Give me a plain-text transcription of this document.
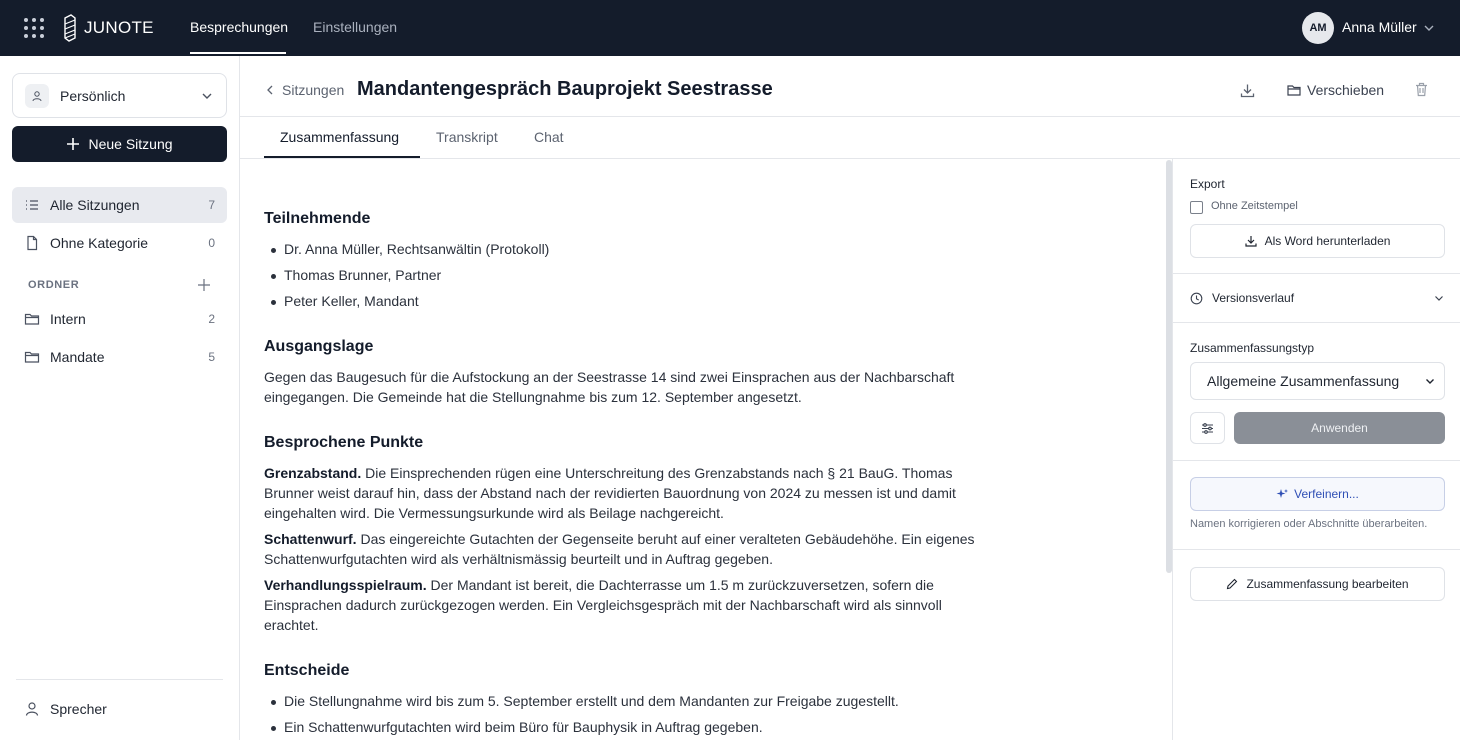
JUNOTE	Besprechungen Einstellungen	AM	Anna Müller
Persönlich
Neue Sitzung
Alle Sitzungen	7
Ohne Kategorie	0
ORDNER
Intern	2
Mandate	5
Sprecher
Sitzungen Mandantengespräch Bauprojekt Seestrasse	Verschieben
Zusammenfassung	Transkript	Chat
Teilnehmende
Dr. Anna Müller, Rechtsanwältin (Protokoll)
Thomas Brunner, Partner
Peter Keller, Mandant
Ausgangslage

Gegen das Baugesuch für die Aufstockung an der Seestrasse 14 sind zwei Einsprachen aus der Nachbarschaft eingegangen. Die Gemeinde hat die Stellungnahme bis zum 12. September angesetzt.

Besprochene Punkte

Grenzabstand. Die Einsprechenden rügen eine Unterschreitung des Grenzabstands nach § 21 BauG. Thomas Brunner weist darauf hin, dass der Abstand nach der revidierten Bauordnung von 2024 zu messen ist und damit eingehalten wird. Die Vermessungsurkunde wird als Beilage nachgereicht.

Schattenwurf. Das eingereichte Gutachten der Gegenseite beruht auf einer veralteten Gebäudehöhe. Ein eigenes Schattenwurfgutachten wird als verhältnismässig beurteilt und in Auftrag gegeben.

Verhandlungsspielraum. Der Mandant ist bereit, die Dachterrasse um 1.5 m zurückzuversetzen, sofern die Einsprachen dadurch zurückgezogen werden. Ein Vergleichsgespräch mit der Nachbarschaft wird als sinnvoll erachtet.

Entscheide
Die Stellungnahme wird bis zum 5. September erstellt und dem Mandanten zur Freigabe zugestellt.
Ein Schattenwurfgutachten wird beim Büro für Bauphysik in Auftrag gegeben.
Export
Ohne Zeitstempel
Als Word herunterladen
Versionsverlauf
Zusammenfassungstyp
Allgemeine Zusammenfassung
Anwenden
Verfeinern...
Namen korrigieren oder Abschnitte überarbeiten.
Zusammenfassung bearbeiten
